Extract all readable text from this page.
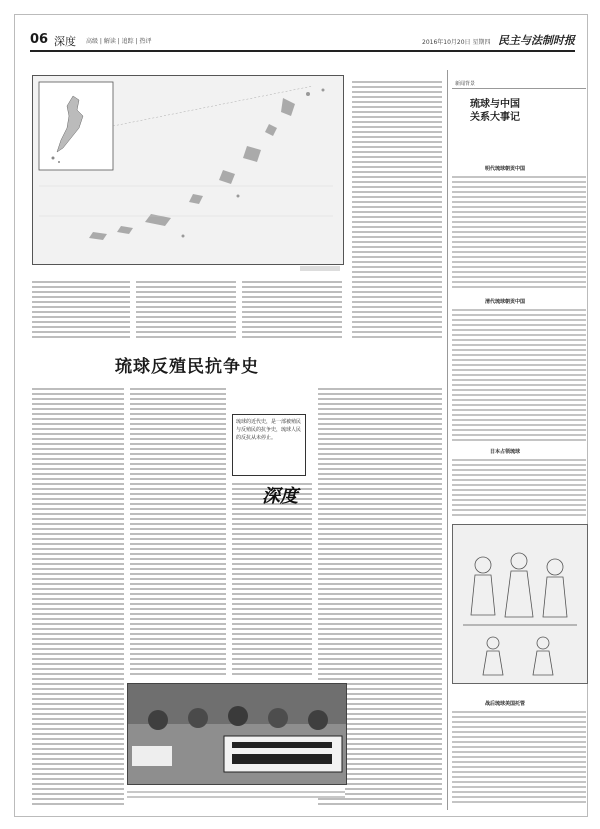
06 深度 高级 | 解读 | 追踪 | 热评	2016年10月20日 星期四 民主与法制时报
新闻背景
琉球与中国
关系大事记
明代琉球朝贡中国
清代琉球朝贡中国
日本占领琉球
战后琉球美国托管
琉球反殖民抗争史
琉球的近代史，是一部被殖民与反殖民的抗争史，琉球人民的反抗从未停止。
深度
